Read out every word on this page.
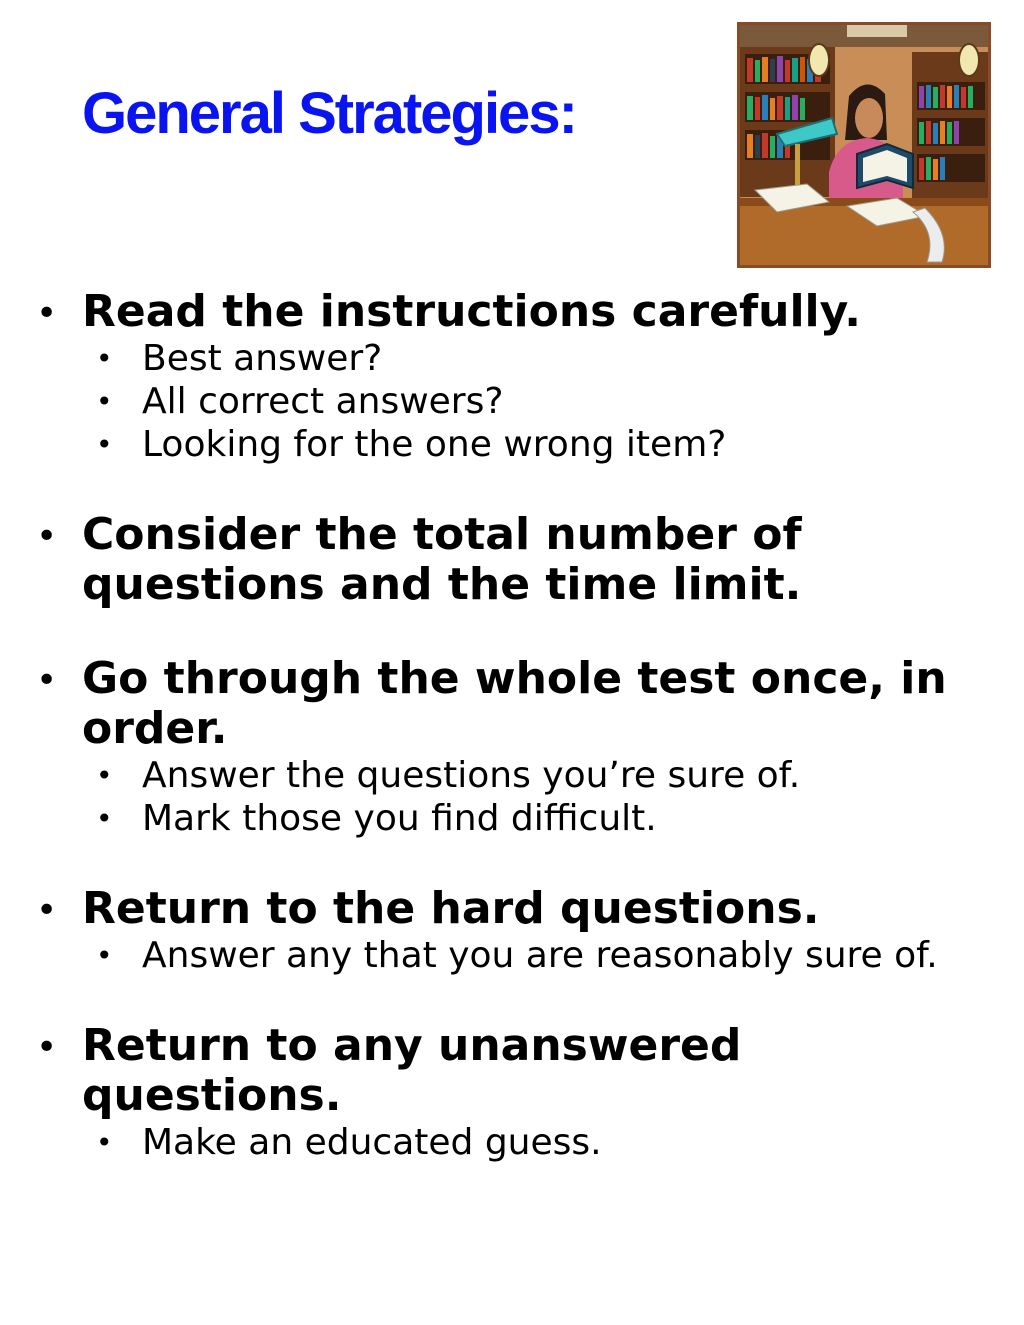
General Strategies:
• Read the instructions carefully.
• Best answer?
• All correct answers?
• Looking for the one wrong item?
• Consider the total number of questions and the time limit.
• Go through the whole test once, in order.
• Answer the questions you’re sure of.
• Mark those you find difficult.
• Return to the hard questions.
• Answer any that you are reasonably sure of.
• Return to any unanswered questions.
• Make an educated guess.
